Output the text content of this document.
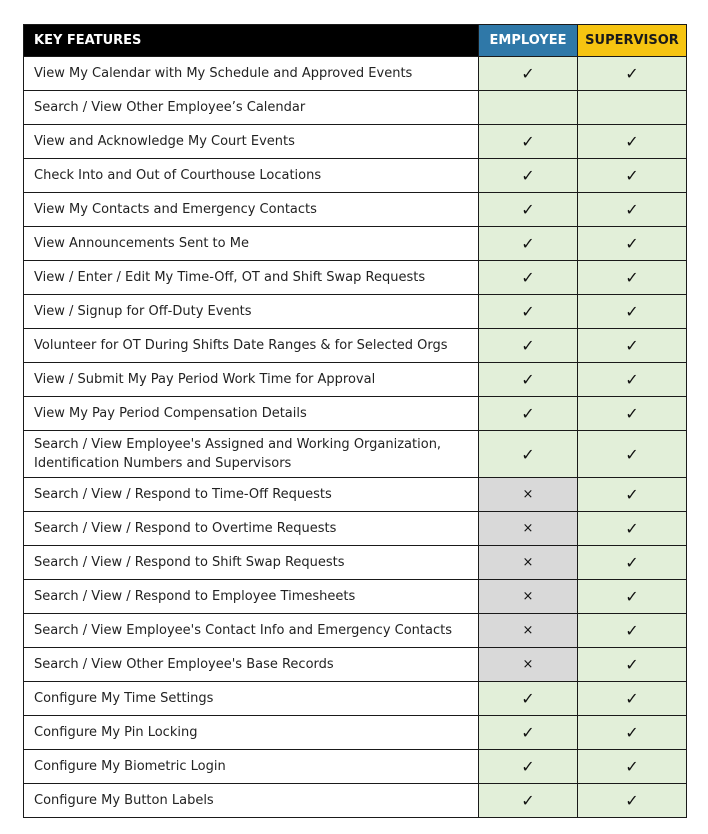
KEY FEATURES	EMPLOYEE	SUPERVISOR
View My Calendar with My Schedule and Approved Events	✓	✓
Search / View Other Employee’s Calendar		
View and Acknowledge My Court Events	✓	✓
Check Into and Out of Courthouse Locations	✓	✓
View My Contacts and Emergency Contacts	✓	✓
View Announcements Sent to Me	✓	✓
View / Enter / Edit My Time-Off, OT and Shift Swap Requests	✓	✓
View / Signup for Off-Duty Events	✓	✓
Volunteer for OT During Shifts Date Ranges & for Selected Orgs	✓	✓
View / Submit My Pay Period Work Time for Approval	✓	✓
View My Pay Period Compensation Details	✓	✓
Search / View Employee's Assigned and Working Organization, Identification Numbers and Supervisors	✓	✓
Search / View / Respond to Time-Off Requests	×	✓
Search / View / Respond to Overtime Requests	×	✓
Search / View / Respond to Shift Swap Requests	×	✓
Search / View / Respond to Employee Timesheets	×	✓
Search / View Employee's Contact Info and Emergency Contacts	×	✓
Search / View Other Employee's Base Records	×	✓
Configure My Time Settings	✓	✓
Configure My Pin Locking	✓	✓
Configure My Biometric Login	✓	✓
Configure My Button Labels	✓	✓
